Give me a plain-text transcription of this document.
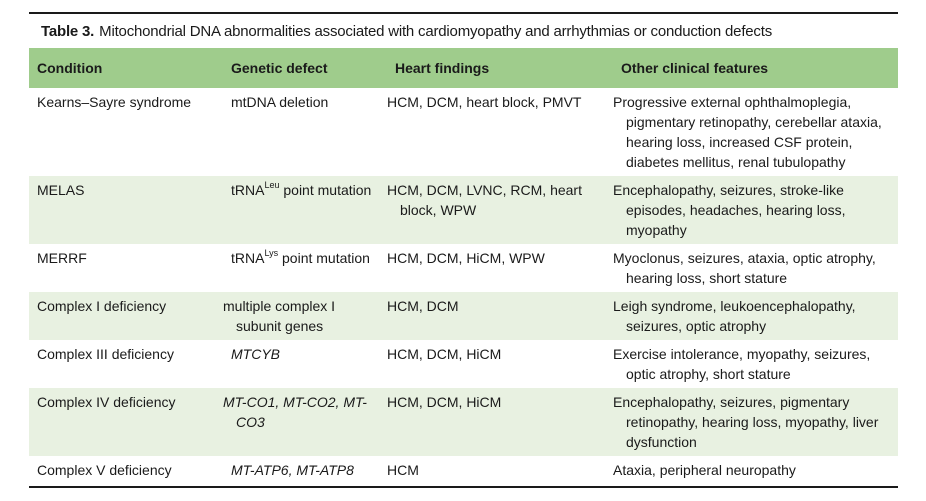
Table 3. Mitochondrial DNA abnormalities associated with cardiomyopathy and arrhythmias or conduction defects
Condition	Genetic defect	Heart findings	Other clinical features
Kearns–Sayre syndrome	mtDNA deletion	HCM, DCM, heart block, PMVT	Progressive external ophthalmoplegia, pigmentary retinopathy, cerebellar ataxia, hearing loss, increased CSF protein, diabetes mellitus, renal tubulopathy
MELAS	tRNA$^{Leu}$ point mutation	HCM, DCM, LVNC, RCM, heart block, WPW	Encephalopathy, seizures, stroke-like episodes, headaches, hearing loss, myopathy
MERRF	tRNA$^{Lys}$ point mutation	HCM, DCM, HiCM, WPW	Myoclonus, seizures, ataxia, optic atrophy, hearing loss, short stature
Complex I deficiency	multiple complex I subunit genes	HCM, DCM	Leigh syndrome, leukoencephalopathy, seizures, optic atrophy
Complex III deficiency	MTCYB	HCM, DCM, HiCM	Exercise intolerance, myopathy, seizures, optic atrophy, short stature
Complex IV deficiency	MT-CO1, MT-CO2, MT-CO3	HCM, DCM, HiCM	Encephalopathy, seizures, pigmentary retinopathy, hearing loss, myopathy, liver dysfunction
Complex V deficiency	MT-ATP6, MT-ATP8	HCM	Ataxia, peripheral neuropathy
